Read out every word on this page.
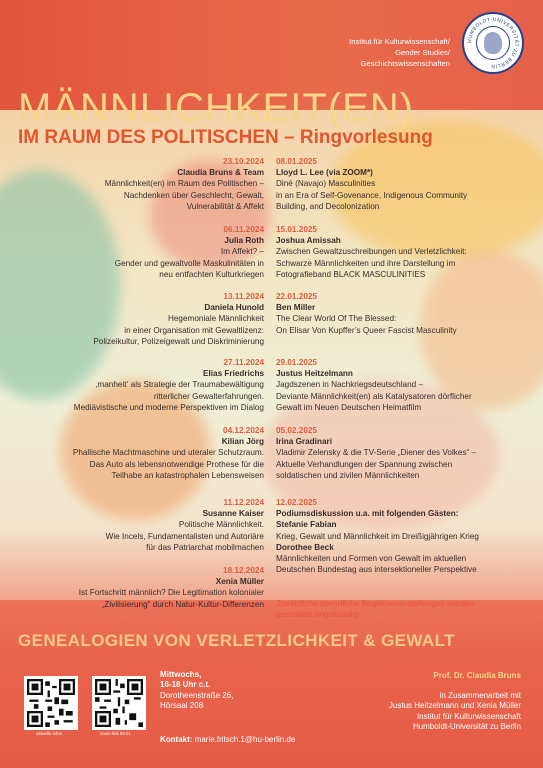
Institut für Kulturwissenschaft/
Gender Studies/
Geschichtswissenschaften
HUMBOLDT-UNIVERSITÄT ZU BERLIN
MÄNNLICHKEIT(EN)
IM RAUM DES POLITISCHEN – Ringvorlesung
23.10.2024
Claudia Bruns & Team
Männlichkeit(en) im Raum des Politischen –
Nachdenken über Geschlecht, Gewalt,
Vulnerabilität & Affekt
06.11.2024
Julia Roth
Im Affekt? –
Gender und gewaltvolle Maskulinitäten in
neu entfachten Kulturkriegen
13.11.2024
Daniela Hunold
Hegemoniale Männlichkeit
in einer Organisation mit Gewaltlizenz:
Polizeikultur, Polizeigewalt und Diskriminierung
27.11.2024
Elias Friedrichs
‚manheit‘ als Strategie der Traumabewältigung
ritterlicher Gewalterfahrungen.
Mediävistische und moderne Perspektiven im Dialog
04.12.2024
Kilian Jörg
Phallische Machtmaschine und uteraler Schutzraum.
Das Auto als lebensnotwendige Prothese für die
Teilhabe an katastrophalen Lebensweisen
11.12.2024
Susanne Kaiser
Politische Männlichkeit.
Wie Incels, Fundamentalisten und Autoriäre
für das Patriarchat mobilmachen
18.12.2024
Xenia Müller
Ist Fortschritt männlich? Die Legitimation kolonialer
„Zivilisierung“ durch Natur-Kultur-Differenzen
08.01.2025
Lloyd L. Lee (via ZOOM*)
Diné (Navajo) Masculinities
in an Era of Self-Govenance, Indigenous Community
Building, and Decolonization
15.01.2025
Joshua Amissah
Zwischen Gewaltzuschreibungen und Verletzlichkeit:
Schwarze Männlichkeiten und ihre Darstellung im
Fotografieband BLACK MASCULINITIES
22.01.2025
Ben Miller
The Clear World Of The Blessed:
On Elisar Von Kupffer’s Queer Fascist Masculinity
29.01.2025
Justus Heitzelmann
Jagdszenen in Nachkriegsdeutschland –
Deviante Männlichkeit(en) als Katalysatoren dörflicher
Gewalt im Neuen Deutschen Heimatfilm
05.02.2025
Irina Gradinari
Vladimir Zelensky & die TV-Serie „Diener des Volkes“ –
Aktuelle Verhandlungen der Spannung zwischen
soldatischen und zivilen Männlichkeiten
12.02.2025
Podiumsdiskussion u.a. mit folgenden Gästen:
Stefanie Fabian
Krieg, Gewalt und Männlichkeit im Dreißigjährigen Krieg
Dorothee Beck
Männlichkeiten und Formen von Gewalt im aktuellen
Deutschen Bundestag aus intersektioneller Perspektive
Zusätzliche abendliche Begleitveranstaltungen werden
gesondert angekündigt.
GENEALOGIEN VON VERLETZLICHKEIT & GEWALT
aktuelle infos	zoom-link 08.01.
Mittwochs,
16-18 Uhr c.t.
Dorotheenstraße 26,
Hörsaal 208
Kontakt: marie.fritsch.1@hu-berlin.de
Prof. Dr. Claudia Bruns
in Zusammenarbeit mit
Justus Heitzelmann und Xenia Müller
Institut für Kulturwissenschaft
Humboldt-Universität zu Berlin
